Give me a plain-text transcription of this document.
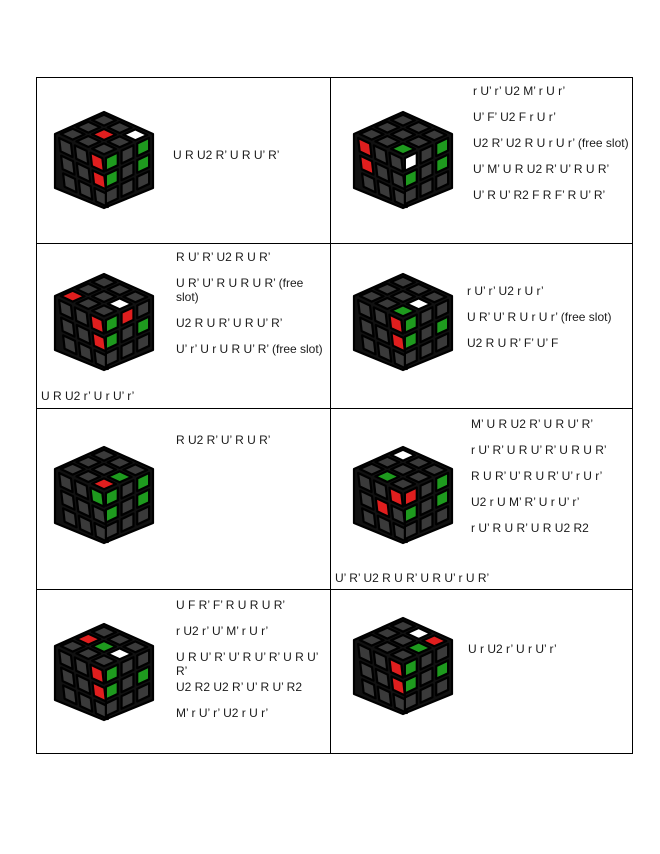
U R U2 R’ U R U’ R’
r U’ r’ U2 M’ r U r’
U’ F’ U2 F r U r’
U2 R’ U2 R U r U r’ (free slot)
U’ M’ U R U2 R’ U’ R U R’
U’ R U’ R2 F R F’ R U’ R’
R U’ R’ U2 R U R’
U R’ U’ R U R U R’ (free slot)
U2 R U R’ U R U’ R’
U’ r’ U r U R U’ R’ (free slot)
U R U2 r’ U r U’ r’
r U’ r’ U2 r U r’
U R’ U’ R U r U r’ (free slot)
U2 R U R’ F’ U’ F
R U2 R’ U’ R U R’
M’ U R U2 R’ U R U’ R’
r U’ R’ U R U’ R’ U R U R’
R U R’ U’ R U R’ U’ r U r’
U2 r U M’ R’ U r U’ r’
r U’ R U R’ U R U2 R2
U’ R’ U2 R U R’ U R U’ r U R’
U F R’ F’ R U R U R’
r U2 r’ U’ M’ r U r’
U R U’ R’ U’ R U’ R’ U R U’ R’
U2 R2 U2 R’ U’ R U’ R2
M’ r U’ r’ U2 r U r’
U r U2 r’ U r U’ r’
